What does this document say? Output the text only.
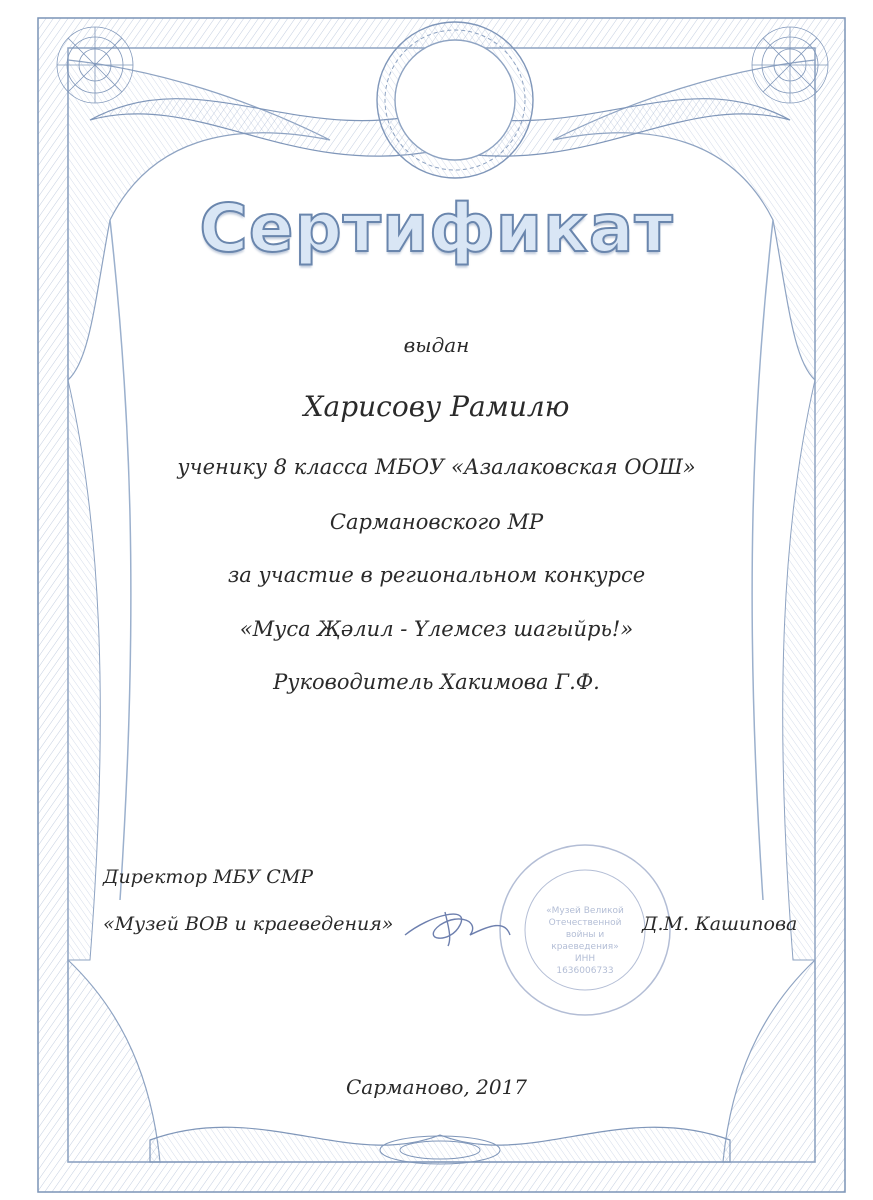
«Музей Великой
Отечественной
войны и
краеведения»
ИНН
1636006733
Сертификат
выдан
Харисову Рамилю
ученику 8 класса МБОУ «Азалаковская ООШ»
Сармановского МР
за участие в региональном конкурсе
«Муса Җәлил - Үлемсез шагыйрь!»
Руководитель Хакимова Г.Ф.
Директор МБУ СМР
«Музей ВОВ и краеведения»	Д.М. Кашипова
Сарманово, 2017
